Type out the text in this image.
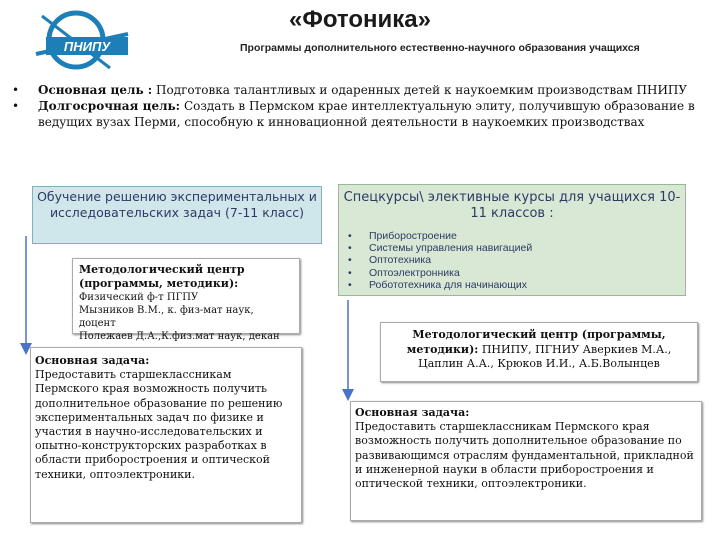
ПНИПУ
«Фотоника»
Программы дополнительного естественно-научного образования учащихся

• Основная цель : Подготовка талантливых и одаренных детей к наукоемким производствам ПНИПУ

• Долгосрочная цель: Создать в Пермском крае интеллектуальную элиту, получившую образование в ведущих вузах Перми, способную к инновационной деятельности в наукоемких производствах

Обучение решению экспериментальных и исследовательских задач (7-11 класс)
Методологический центр (программы, методики):
Физический ф-т ПГПУ
Мызников В.М., к. физ-мат наук, доцент
Полежаев Д.А.,К.физ.мат наук, декан
Основная задача:
Предоставить старшеклассникам Пермского края возможность получить дополнительное образование по решению экспериментальных задач по физике и участия в научно-исследовательских и опытно-конструкторских разработках в области приборостроения и оптической техники, оптоэлектроники.
Спецкурсы\ элективные курсы для учащихся 10-11 классов :
• Приборостроение
• Системы управления навигацией
• Оптотехника
• Оптоэлектронника
• Робототехника для начинающих
Методологический центр (программы, методики): ПНИПУ, ПГНИУ Аверкиев М.А., Цаплин А.А., Крюков И.И., А.Б.Волынцев
Основная задача:
Предоставить старшеклассникам Пермского края возможность получить дополнительное образование по развивающимся отраслям фундаментальной, прикладной и инженерной науки в области приборостроения и оптической техники, оптоэлектроники.
